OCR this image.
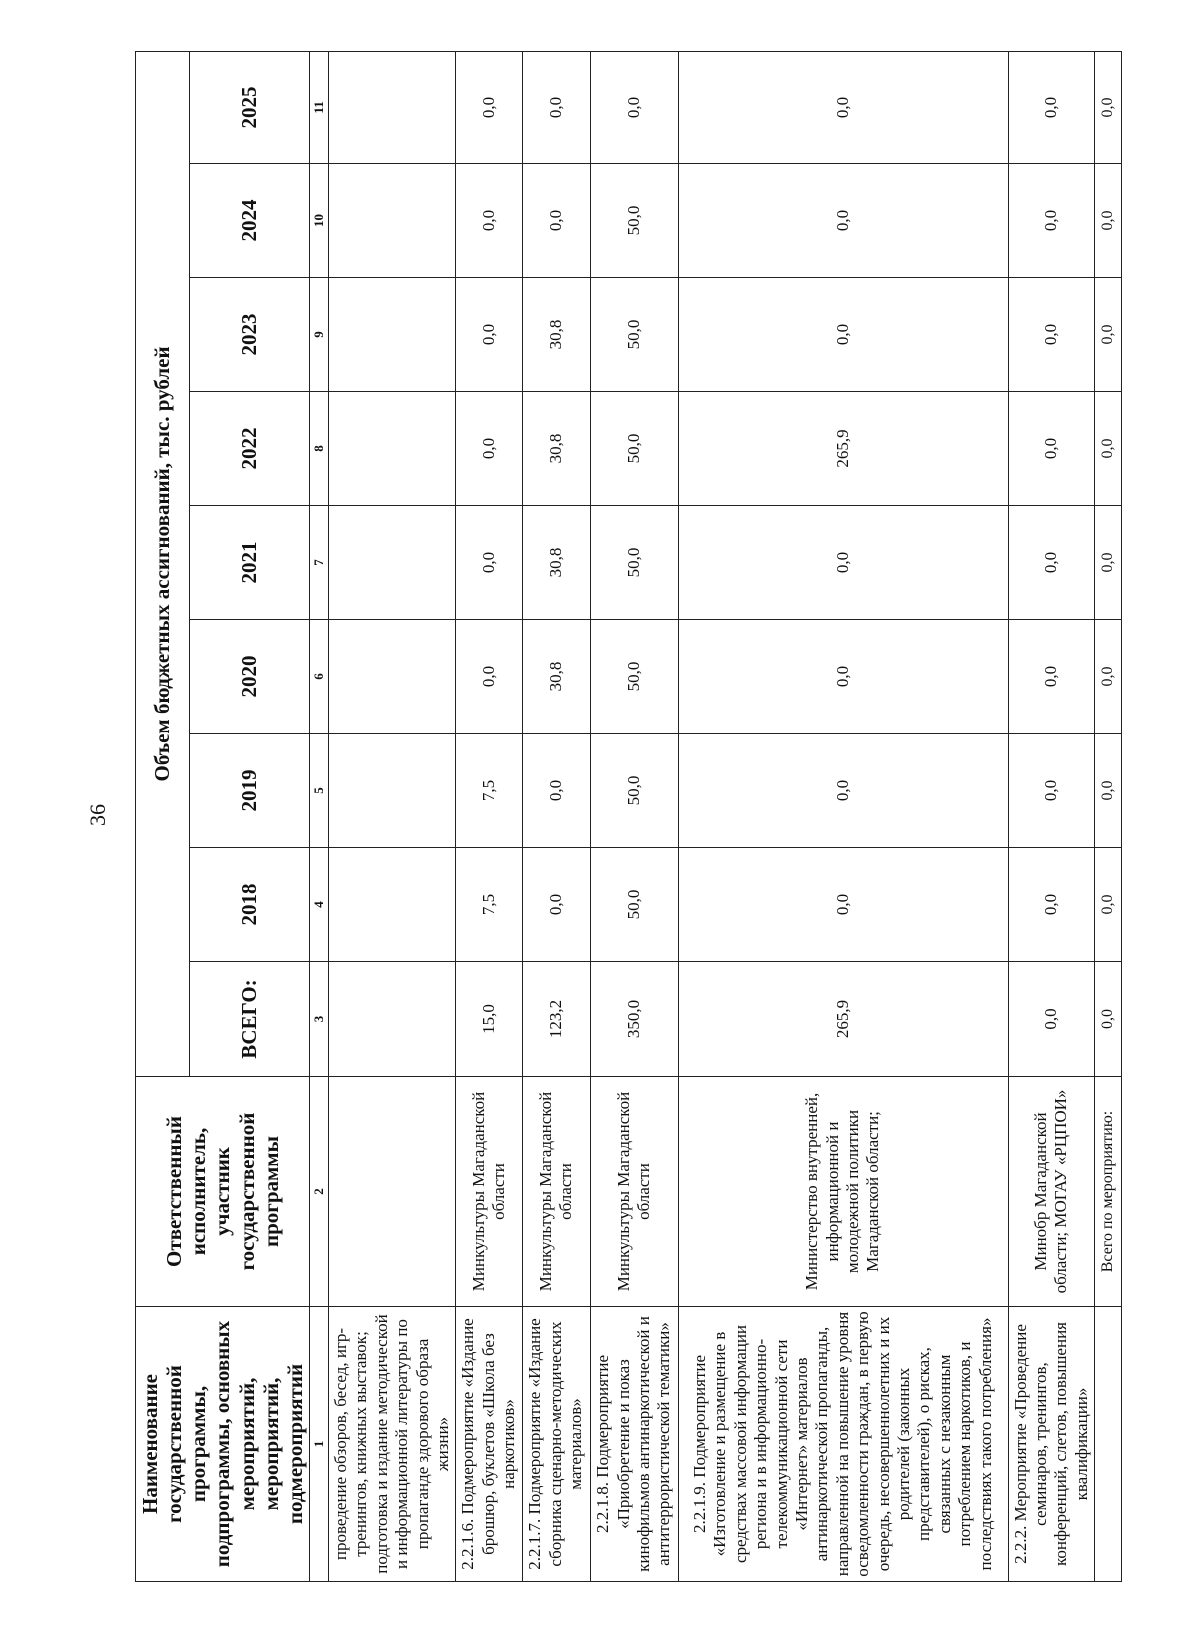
36
Наименование государственной программы, подпрограммы, основных мероприятий, мероприятий, подмероприятий	Ответственный исполнитель, участник государственной программы	Объем бюджетных ассигнований, тыс. рублей								
		ВСЕГО:	2018	2019	2020	2021	2022	2023	2024	2025
1	2	3	4	5	6	7	8	9	10	11
проведение обзоров, бесед, игр-тренингов, книжных выставок; подготовка и издание методической и информационной литературы по пропаганде здорового образа жизни»										
2.2.1.6. Подмероприятие «Издание брошюр, буклетов «Школа без наркотиков»	Минкультуры Магаданской области	15,0	7,5	7,5	0,0	0,0	0,0	0,0	0,0	0,0
2.2.1.7. Подмероприятие «Издание сборника сценарно-методических материалов»	Минкультуры Магаданской области	123,2	0,0	0,0	30,8	30,8	30,8	30,8	0,0	0,0
2.2.1.8. Подмероприятие «Приобретение и показ кинофильмов антинаркотической и антитеррористической тематики»	Минкультуры Магаданской области	350,0	50,0	50,0	50,0	50,0	50,0	50,0	50,0	0,0
2.2.1.9. Подмероприятие «Изготовление и размещение в средствах массовой информации региона и в информационно-телекоммуникационной сети «Интернет» материалов антинаркотической пропаганды, направленной на повышение уровня осведомленности граждан, в первую очередь, несовершеннолетних и их родителей (законных представителей), о рисках, связанных с незаконным потреблением наркотиков, и последствиях такого потребления»	Министерство внутренней, информационной и молодежной политики Магаданской области;	265,9	0,0	0,0	0,0	0,0	265,9	0,0	0,0	0,0
2.2.2. Мероприятие «Проведение семинаров, тренингов, конференций, слетов, повышения квалификации»	Минобр Магаданской области; МОГАУ «РЦПОИ»	0,0	0,0	0,0	0,0	0,0	0,0	0,0	0,0	0,0
	Всего по мероприятию:	0,0	0,0	0,0	0,0	0,0	0,0	0,0	0,0	0,0
